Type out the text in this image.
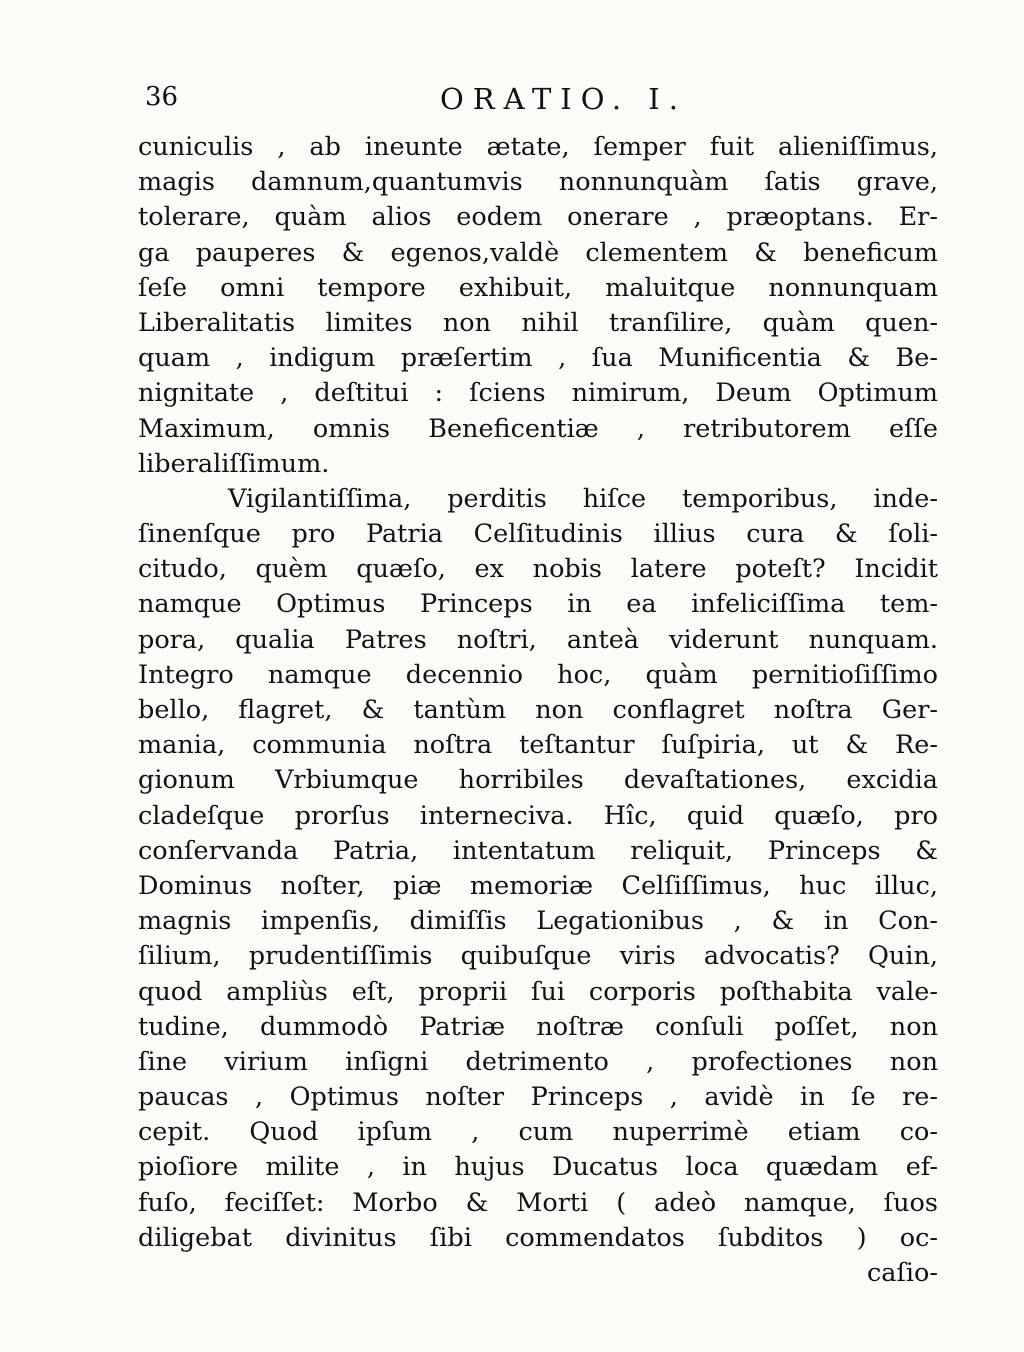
36	ORATIO. I.
cuniculis , ab ineunte ætate, ſemper fuit alieniſſimus,
magis damnum,quantumvis nonnunquàm ſatis grave,
tolerare, quàm alios eodem onerare , præoptans. Er-
ga pauperes & egenos,valdè clementem & beneficum
ſeſe omni tempore exhibuit, maluitque nonnunquam
Liberalitatis limites non nihil tranſilire, quàm quen-
quam , indigum præſertim , ſua Munificentia & Be-
nignitate , deſtitui : ſciens nimirum, Deum Optimum
Maximum, omnis Beneficentiæ , retributorem eſſe
liberaliſſimum.
Vigilantiſſima, perditis hiſce temporibus, inde-
ſinenſque pro Patria Celſitudinis illius cura & ſoli-
citudo, quèm quæſo, ex nobis latere poteſt? Incidit
namque Optimus Princeps in ea infeliciſſima tem-
pora, qualia Patres noſtri, anteà viderunt nunquam.
Integro namque decennio hoc, quàm pernitioſiſſimo
bello, flagret, & tantùm non conflagret noſtra Ger-
mania, communia noſtra teſtantur ſuſpiria, ut & Re-
gionum Vrbiumque horribiles devaſtationes, excidia
cladeſque prorſus interneciva. Hîc, quid quæſo, pro
conſervanda Patria, intentatum reliquit, Princeps &
Dominus noſter, piæ memoriæ Celſiſſimus, huc illuc,
magnis impenſis, dimiſſis Legationibus , & in Con-
ſilium, prudentiſſimis quibuſque viris advocatis? Quin,
quod ampliùs eſt, proprii ſui corporis poſthabita vale-
tudine, dummodò Patriæ noſtræ conſuli poſſet, non
ſine virium inſigni detrimento , profectiones non
paucas , Optimus noſter Princeps , avidè in ſe re-
cepit. Quod ipſum , cum nuperrimè etiam co-
pioſiore milite , in hujus Ducatus loca quædam ef-
fuſo, feciſſet: Morbo & Morti ( adeò namque, ſuos
diligebat divinitus ſibi commendatos ſubditos ) oc-
caſio-
